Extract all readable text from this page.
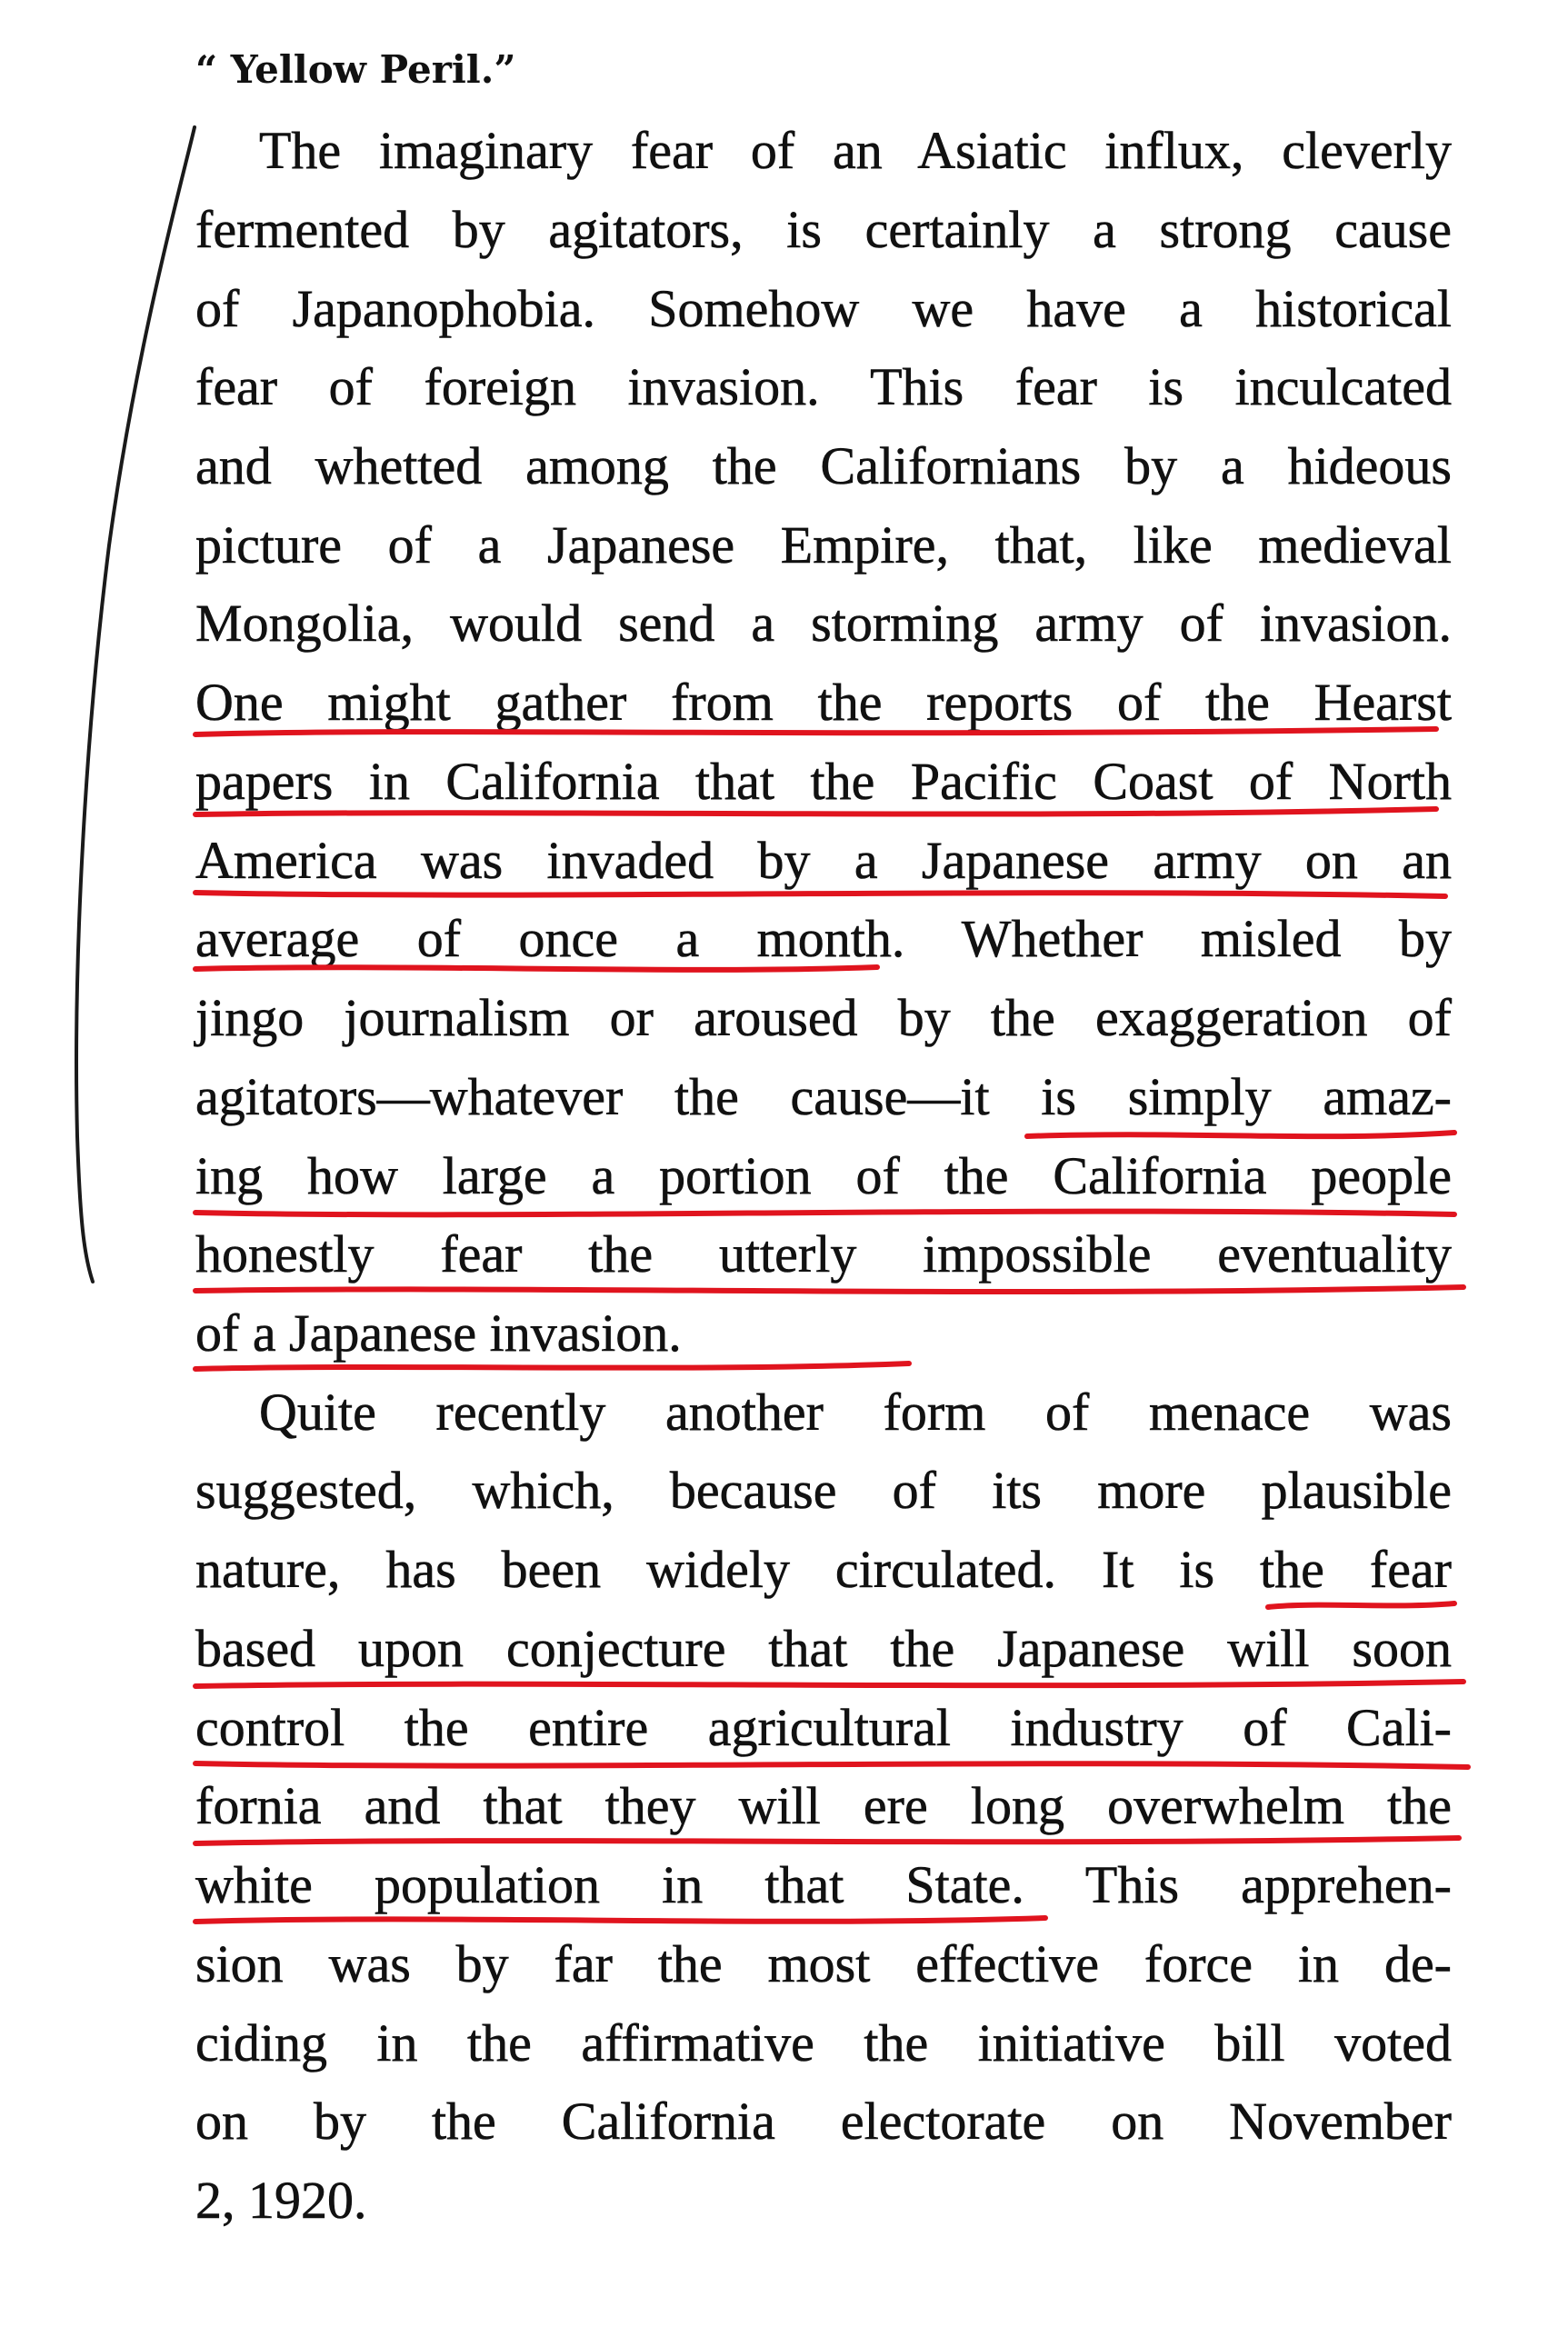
“ Yellow Peril.”
The imaginary fear of an Asiatic influx, cleverly
fermented by agitators, is certainly a strong cause
of Japanophobia. Somehow we have a historical
fear of foreign invasion. This fear is inculcated
and whetted among the Californians by a hideous
picture of a Japanese Empire, that, like medieval
Mongolia, would send a storming army of invasion.
One might gather from the reports of the Hearst
papers in California that the Pacific Coast of North
America was invaded by a Japanese army on an
average of once a month. Whether misled by
jingo journalism or aroused by the exaggeration of
agitators—whatever the cause—it is simply amaz-
ing how large a portion of the California people
honestly fear the utterly impossible eventuality
of a Japanese invasion.
Quite recently another form of menace was
suggested, which, because of its more plausible
nature, has been widely circulated. It is the fear
based upon conjecture that the Japanese will soon
control the entire agricultural industry of Cali-
fornia and that they will ere long overwhelm the
white population in that State. This apprehen-
sion was by far the most effective force in de-
ciding in the affirmative the initiative bill voted
on by the California electorate on November
2, 1920.
